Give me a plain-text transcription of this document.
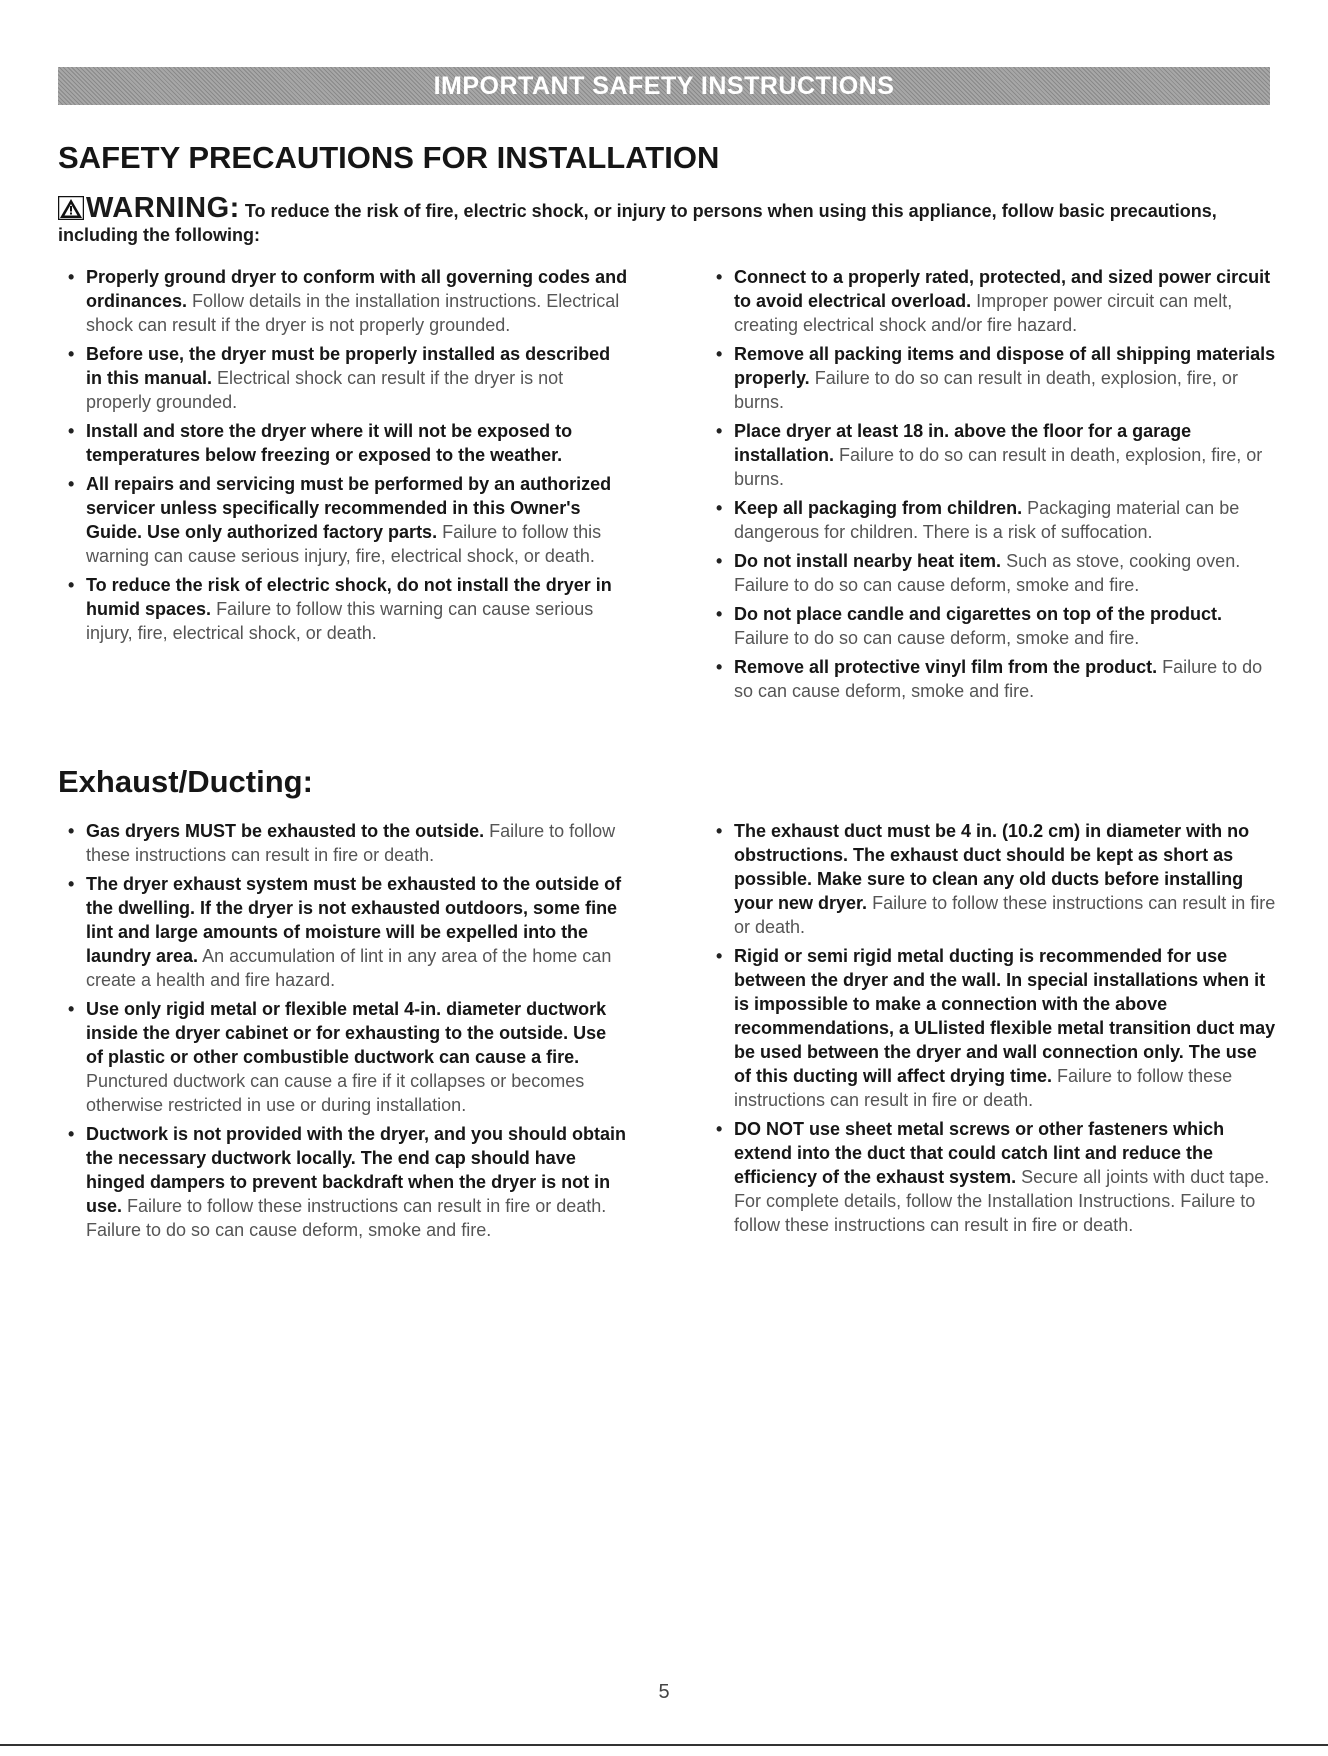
IMPORTANT SAFETY INSTRUCTIONS
SAFETY PRECAUTIONS FOR INSTALLATION
WARNING: To reduce the risk of fire, electric shock, or injury to persons when using this appliance, follow basic precautions, including the following:
• Properly ground dryer to conform with all governing codes and ordinances. Follow details in the installation instructions. Electrical shock can result if the dryer is not properly grounded.
• Before use, the dryer must be properly installed as described in this manual. Electrical shock can result if the dryer is not properly grounded.
• Install and store the dryer where it will not be exposed to temperatures below freezing or exposed to the weather.
• All repairs and servicing must be performed by an authorized servicer unless specifically recommended in this Owner's Guide. Use only authorized factory parts. Failure to follow this warning can cause serious injury, fire, electrical shock, or death.
• To reduce the risk of electric shock, do not install the dryer in humid spaces. Failure to follow this warning can cause serious injury, fire, electrical shock, or death.
• Connect to a properly rated, protected, and sized power circuit to avoid electrical overload. Improper power circuit can melt, creating electrical shock and/or fire hazard.
• Remove all packing items and dispose of all shipping materials properly. Failure to do so can result in death, explosion, fire, or burns.
• Place dryer at least 18 in. above the floor for a garage installation. Failure to do so can result in death, explosion, fire, or burns.
• Keep all packaging from children. Packaging material can be dangerous for children. There is a risk of suffocation.
• Do not install nearby heat item. Such as stove, cooking oven. Failure to do so can cause deform, smoke and fire.
• Do not place candle and cigarettes on top of the product. Failure to do so can cause deform, smoke and fire.
• Remove all protective vinyl film from the product. Failure to do so can cause deform, smoke and fire.
Exhaust/Ducting:
• Gas dryers MUST be exhausted to the outside. Failure to follow these instructions can result in fire or death.
• The dryer exhaust system must be exhausted to the outside of the dwelling. If the dryer is not exhausted outdoors, some fine lint and large amounts of moisture will be expelled into the laundry area. An accumulation of lint in any area of the home can create a health and fire hazard.
• Use only rigid metal or flexible metal 4-in. diameter ductwork inside the dryer cabinet or for exhausting to the outside. Use of plastic or other combustible ductwork can cause a fire. Punctured ductwork can cause a fire if it collapses or becomes otherwise restricted in use or during installation.
• Ductwork is not provided with the dryer, and you should obtain the necessary ductwork locally. The end cap should have hinged dampers to prevent backdraft when the dryer is not in use. Failure to follow these instructions can result in fire or death. Failure to do so can cause deform, smoke and fire.
• The exhaust duct must be 4 in. (10.2 cm) in diameter with no obstructions. The exhaust duct should be kept as short as possible. Make sure to clean any old ducts before installing your new dryer. Failure to follow these instructions can result in fire or death.
• Rigid or semi rigid metal ducting is recommended for use between the dryer and the wall. In special installations when it is impossible to make a connection with the above recommendations, a ULlisted flexible metal transition duct may be used between the dryer and wall connection only. The use of this ducting will affect drying time. Failure to follow these instructions can result in fire or death.
• DO NOT use sheet metal screws or other fasteners which extend into the duct that could catch lint and reduce the efficiency of the exhaust system. Secure all joints with duct tape. For complete details, follow the Installation Instructions. Failure to follow these instructions can result in fire or death.
5
